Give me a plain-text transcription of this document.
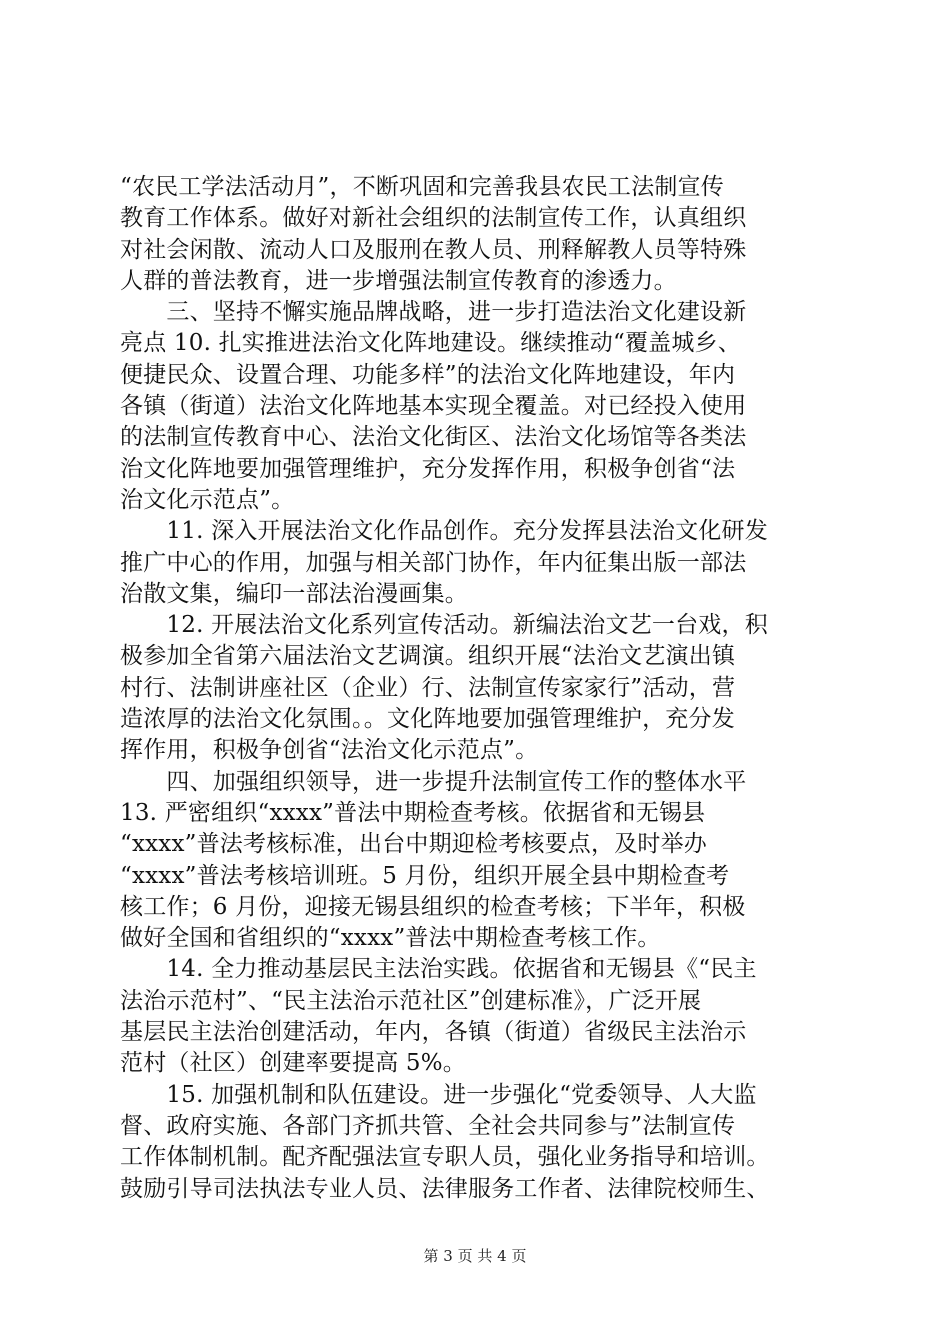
“农民工学法活动月”，不断巩固和完善我县农民工法制宣传
教育工作体系。做好对新社会组织的法制宣传工作，认真组织
对社会闲散、流动人口及服刑在教人员、刑释解教人员等特殊
人群的普法教育，进一步增强法制宣传教育的渗透力。
　　三、坚持不懈实施品牌战略，进一步打造法治文化建设新
亮点 10. 扎实推进法治文化阵地建设。继续推动“覆盖城乡、
便捷民众、设置合理、功能多样”的法治文化阵地建设，年内
各镇（街道）法治文化阵地基本实现全覆盖。对已经投入使用
的法制宣传教育中心、法治文化街区、法治文化场馆等各类法
治文化阵地要加强管理维护，充分发挥作用，积极争创省“法
治文化示范点”。
　　11. 深入开展法治文化作品创作。充分发挥县法治文化研发
推广中心的作用，加强与相关部门协作，年内征集出版一部法
治散文集，编印一部法治漫画集。
　　12. 开展法治文化系列宣传活动。新编法治文艺一台戏，积
极参加全省第六届法治文艺调演。组织开展“法治文艺演出镇
村行、法制讲座社区（企业）行、法制宣传家家行”活动，营
造浓厚的法治文化氛围。。文化阵地要加强管理维护，充分发
挥作用，积极争创省“法治文化示范点”。
　　四、加强组织领导，进一步提升法制宣传工作的整体水平
13. 严密组织“xxxx”普法中期检查考核。依据省和无锡县
“xxxx”普法考核标准，出台中期迎检考核要点，及时举办
“xxxx”普法考核培训班。5 月份，组织开展全县中期检查考
核工作；6 月份，迎接无锡县组织的检查考核；下半年，积极
做好全国和省组织的“xxxx”普法中期检查考核工作。
　　14. 全力推动基层民主法治实践。依据省和无锡县《“民主
法治示范村”、“民主法治示范社区”创建标准》，广泛开展
基层民主法治创建活动，年内，各镇（街道）省级民主法治示
范村（社区）创建率要提高 5%。
　　15. 加强机制和队伍建设。进一步强化“党委领导、人大监
督、政府实施、各部门齐抓共管、全社会共同参与”法制宣传
工作体制机制。配齐配强法宣专职人员，强化业务指导和培训。
鼓励引导司法执法专业人员、法律服务工作者、法律院校师生、
第 3 页 共 4 页
